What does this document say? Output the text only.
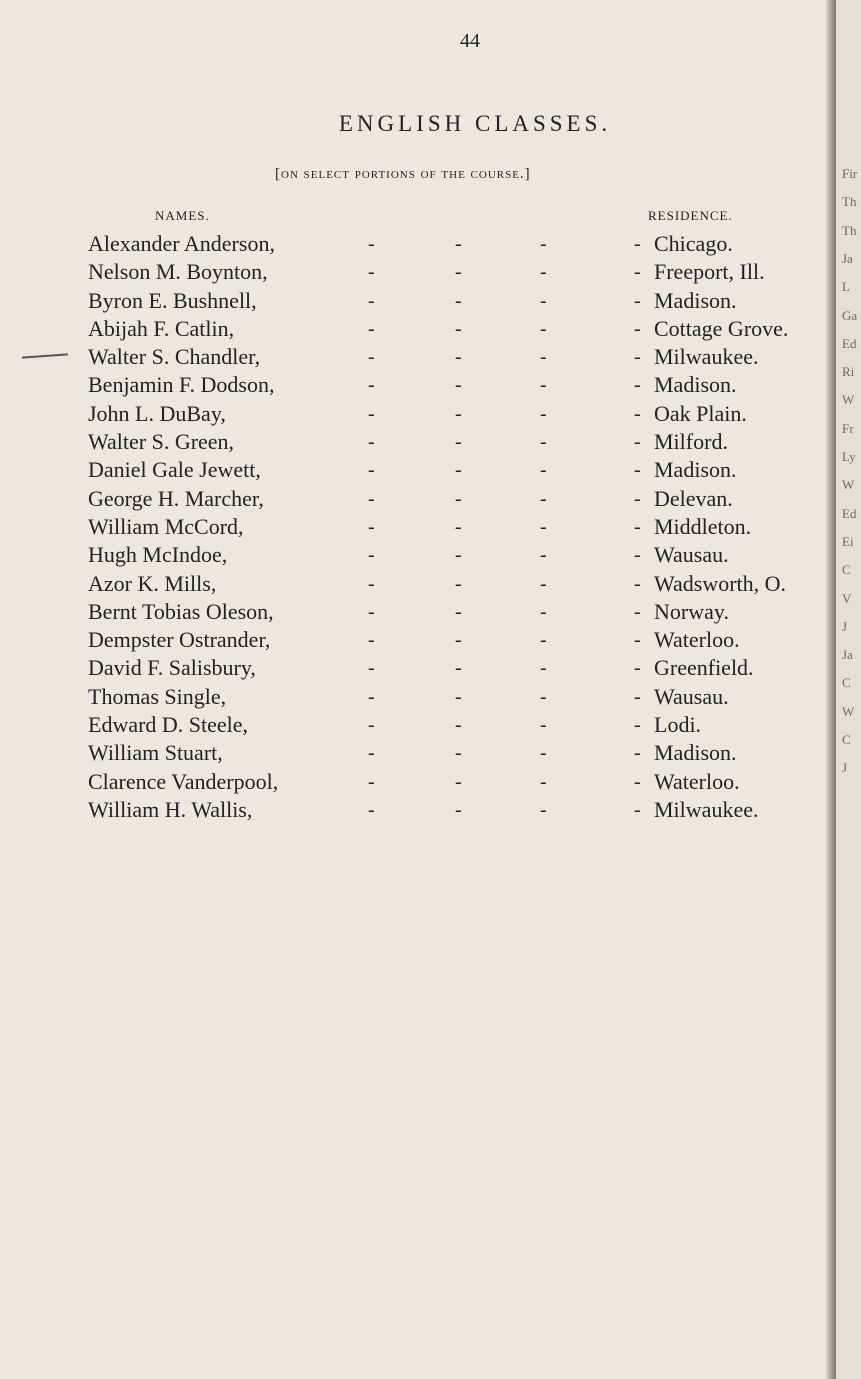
44
ENGLISH CLASSES.
[on select portions of the course.]
NAMES.	RESIDENCE.
Alexander Anderson,	-	-	-	- Chicago.
Nelson M. Boynton,	-	-	-	- Freeport, Ill.
Byron E. Bushnell,	-	-	-	- Madison.
Abijah F. Catlin,	-	-	-	- Cottage Grove.
Walter S. Chandler,	-	-	-	- Milwaukee.
Benjamin F. Dodson,	-	-	-	- Madison.
John L. DuBay,	-	-	-	- Oak Plain.
Walter S. Green,	-	-	-	- Milford.
Daniel Gale Jewett,	-	-	-	- Madison.
George H. Marcher,	-	-	-	- Delevan.
William McCord,	-	-	-	- Middleton.
Hugh McIndoe,	-	-	-	- Wausau.
Azor K. Mills,	-	-	-	- Wadsworth, O.
Bernt Tobias Oleson,	-	-	-	- Norway.
Dempster Ostrander,	-	-	-	- Waterloo.
David F. Salisbury,	-	-	-	- Greenfield.
Thomas Single,	-	-	-	- Wausau.
Edward D. Steele,	-	-	-	- Lodi.
William Stuart,	-	-	-	- Madison.
Clarence Vanderpool,	-	-	-	- Waterloo.
William H. Wallis,	-	-	-	- Milwaukee.
Fir
Th
Th
Ja
L
Ga
Ed
Ri
W
Fr
Ly
W
Ed
Ei
C
V
J
Ja
C
W
C
J
